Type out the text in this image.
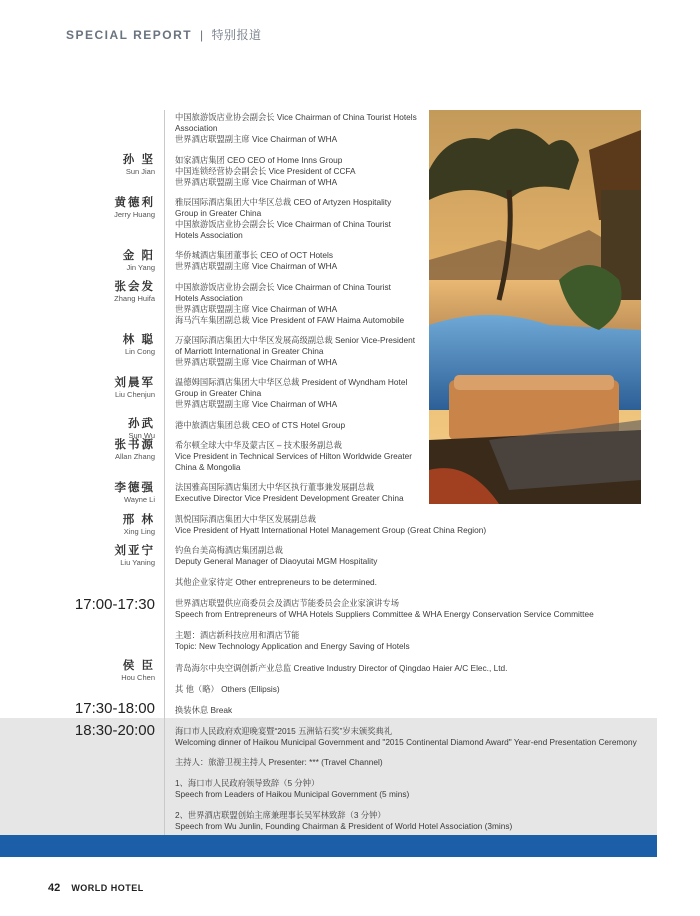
SPECIAL REPORT | 特别报道
中国旅游饭店业协会副会长 Vice Chairman of China Tourist Hotels
Association
世界酒店联盟副主席 Vice Chairman of WHA
孙 坚
Sun Jian
如家酒店集团 CEO CEO of Home Inns Group
中国连锁经营协会副会长 Vice President of CCFA
世界酒店联盟副主席 Vice Chairman of WHA
黄德利
Jerry Huang
雅辰国际酒店集团大中华区总裁 CEO of Artyzen Hospitality
Group in Greater China
中国旅游饭店业协会副会长 Vice Chairman of China Tourist
Hotels Association
金 阳
Jin Yang
华侨城酒店集团董事长 CEO of OCT Hotels
世界酒店联盟副主席 Vice Chairman of WHA
张会发
Zhang Huifa
中国旅游饭店业协会副会长 Vice Chairman of China Tourist
Hotels Association
世界酒店联盟副主席 Vice Chairman of WHA
海马汽车集团副总裁 Vice President of FAW Haima Automobile
林 聪
Lin Cong
万豪国际酒店集团大中华区发展高级副总裁 Senior Vice-President
of Marriott International in Greater China
世界酒店联盟副主席 Vice Chairman of WHA
刘晨军
Liu Chenjun
温德姆国际酒店集团大中华区总裁 President of Wyndham Hotel
Group in Greater China
世界酒店联盟副主席 Vice Chairman of WHA
孙武
Sun Wu
港中旅酒店集团总裁 CEO of CTS Hotel Group
张书源
Allan Zhang
希尔顿全球大中华及蒙古区 – 技术服务副总裁
Vice President in Technical Services of Hilton Worldwide Greater
China & Mongolia
李德强
Wayne Li
法国雅高国际酒店集团大中华区执行董事兼发展副总裁
Executive Director Vice President Development Greater China
邢 林
Xing Ling
凯悦国际酒店集团大中华区发展副总裁
Vice President of Hyatt International Hotel Management Group (Great China Region)
刘亚宁
Liu Yaning
钓鱼台美高梅酒店集团副总裁
Deputy General Manager of Diaoyutai MGM Hospitality
其他企业家待定 Other entrepreneurs to be determined.
17:00-17:30 世界酒店联盟供应商委员会及酒店节能委员会企业家演讲专场
Speech from Entrepreneurs of WHA Hotels Suppliers Committee & WHA Energy Conservation Service Committee
主题：酒店新科技应用和酒店节能
Topic: New Technology Application and Energy Saving of Hotels
侯 臣
Hou Chen
青岛海尔中央空调创新产业总监 Creative Industry Director of Qingdao Haier A/C Elec., Ltd.
其 他（略） Others (Ellipsis)
17:30-18:00 换装休息 Break
18:30-20:00 海口市人民政府欢迎晚宴暨“2015 五洲钻石奖”岁末颁奖典礼
Welcoming dinner of Haikou Municipal Government and "2015 Continental Diamond Award" Year-end Presentation Ceremony
主持人：旅游卫视主持人 Presenter: *** (Travel Channel)
1、海口市人民政府领导致辞（5 分钟）
Speech from Leaders of Haikou Municipal Government (5 mins)
2、世界酒店联盟创始主席兼理事长吴军林致辞（3 分钟）
Speech from Wu Junlin, Founding Chairman & President of World Hotel Association (3mins)
42 WORLD HOTEL
